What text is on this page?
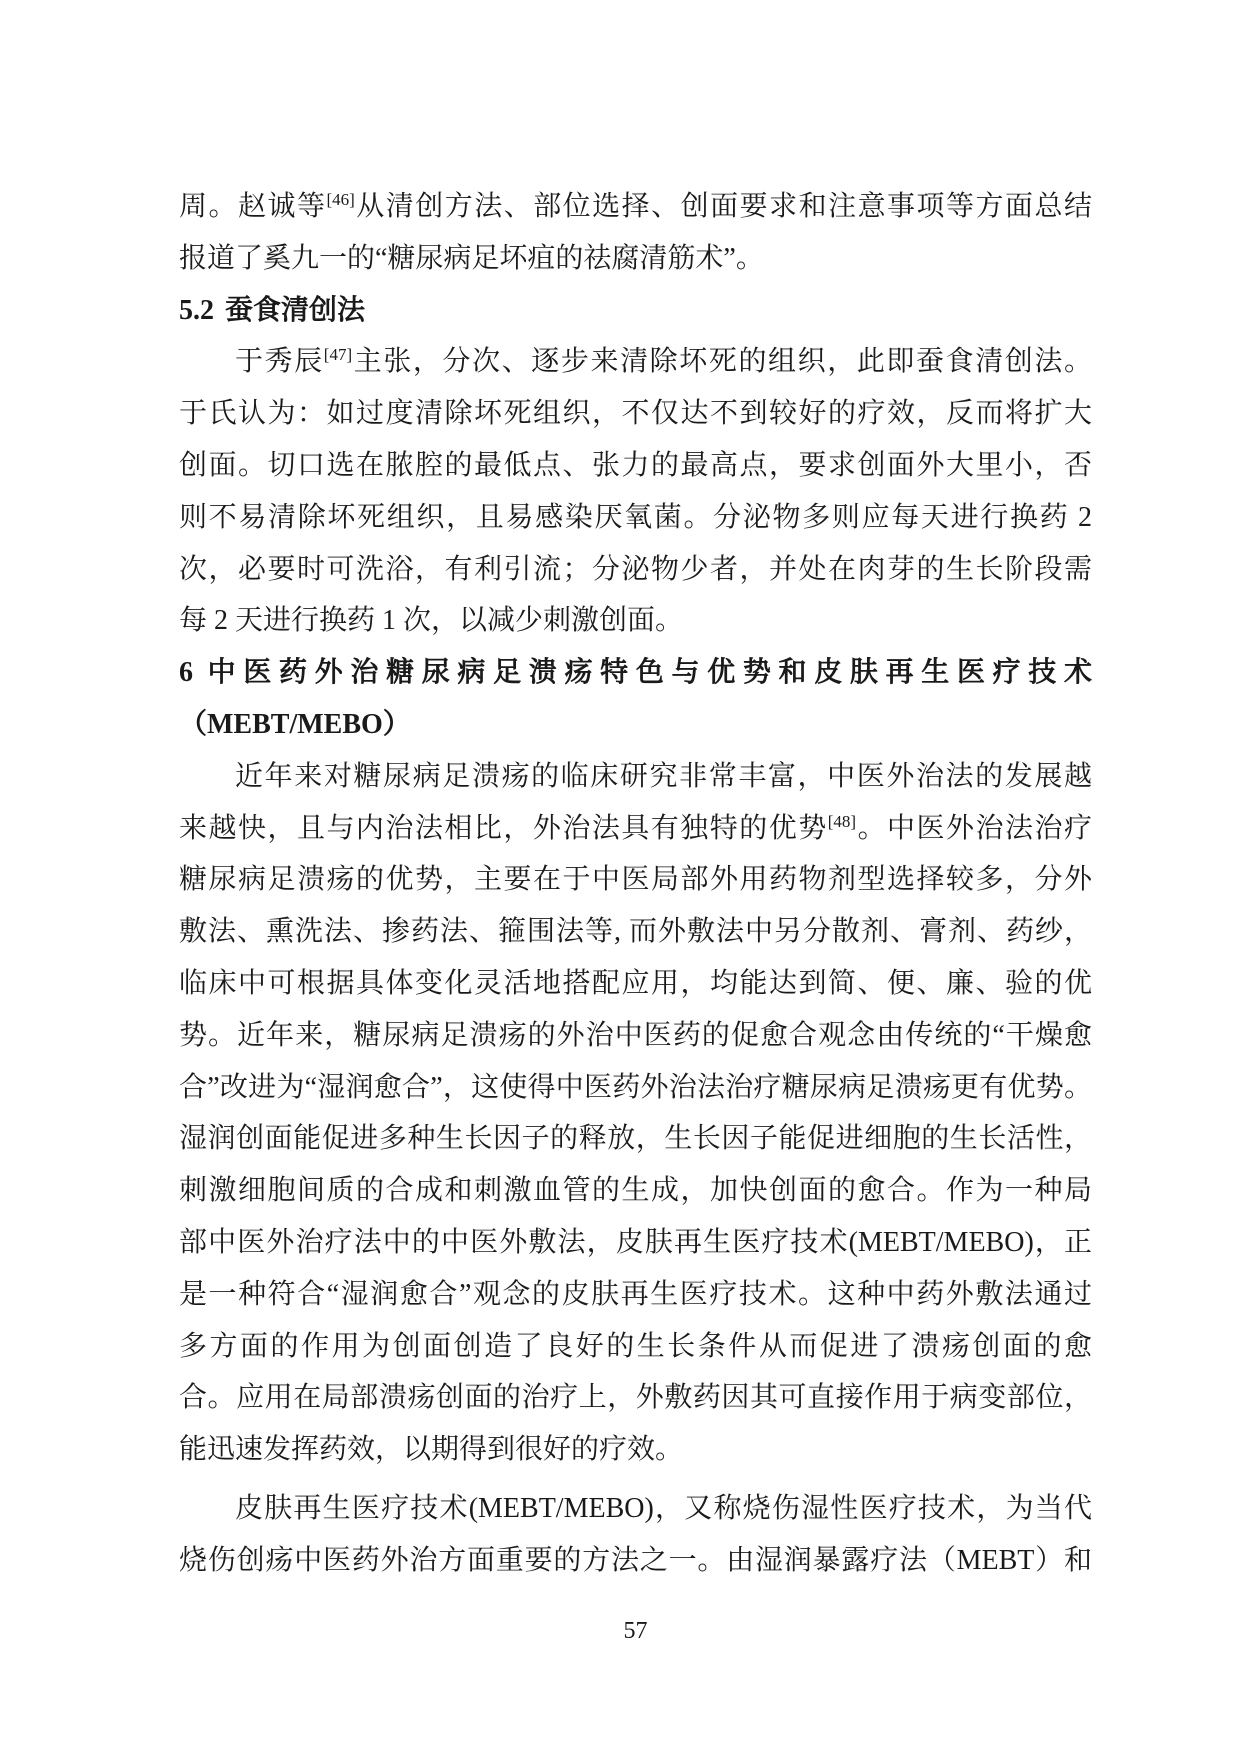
周。赵诚等[46]从清创方法、部位选择、创面要求和注意事项等方面总结
报道了奚九一的“糖尿病足坏疽的祛腐清筋术”。
5.2 蚕食清创法
于秀辰[47]主张，分次、逐步来清除坏死的组织，此即蚕食清创法。
于氏认为：如过度清除坏死组织，不仅达不到较好的疗效，反而将扩大
创面。切口选在脓腔的最低点、张力的最高点，要求创面外大里小，否
则不易清除坏死组织，且易感染厌氧菌。分泌物多则应每天进行换药 2
次，必要时可洗浴，有利引流；分泌物少者，并处在肉芽的生长阶段需
每 2 天进行换药 1 次，以减少刺激创面。
6 中医药外治糖尿病足溃疡特色与优势和皮肤再生医疗技术
（MEBT/MEBO）
近年来对糖尿病足溃疡的临床研究非常丰富，中医外治法的发展越
来越快，且与内治法相比，外治法具有独特的优势[48]。中医外治法治疗
糖尿病足溃疡的优势，主要在于中医局部外用药物剂型选择较多，分外
敷法、熏洗法、掺药法、箍围法等, 而外敷法中另分散剂、膏剂、药纱，
临床中可根据具体变化灵活地搭配应用，均能达到简、便、廉、验的优
势。近年来，糖尿病足溃疡的外治中医药的促愈合观念由传统的“干燥愈
合”改进为“湿润愈合”，这使得中医药外治法治疗糖尿病足溃疡更有优势。
湿润创面能促进多种生长因子的释放，生长因子能促进细胞的生长活性，
刺激细胞间质的合成和刺激血管的生成，加快创面的愈合。作为一种局
部中医外治疗法中的中医外敷法，皮肤再生医疗技术(MEBT/MEBO)，正
是一种符合“湿润愈合”观念的皮肤再生医疗技术。这种中药外敷法通过
多方面的作用为创面创造了良好的生长条件从而促进了溃疡创面的愈
合。应用在局部溃疡创面的治疗上，外敷药因其可直接作用于病变部位，
能迅速发挥药效，以期得到很好的疗效。
皮肤再生医疗技术(MEBT/MEBO)，又称烧伤湿性医疗技术，为当代
烧伤创疡中医药外治方面重要的方法之一。由湿润暴露疗法（MEBT）和
57
